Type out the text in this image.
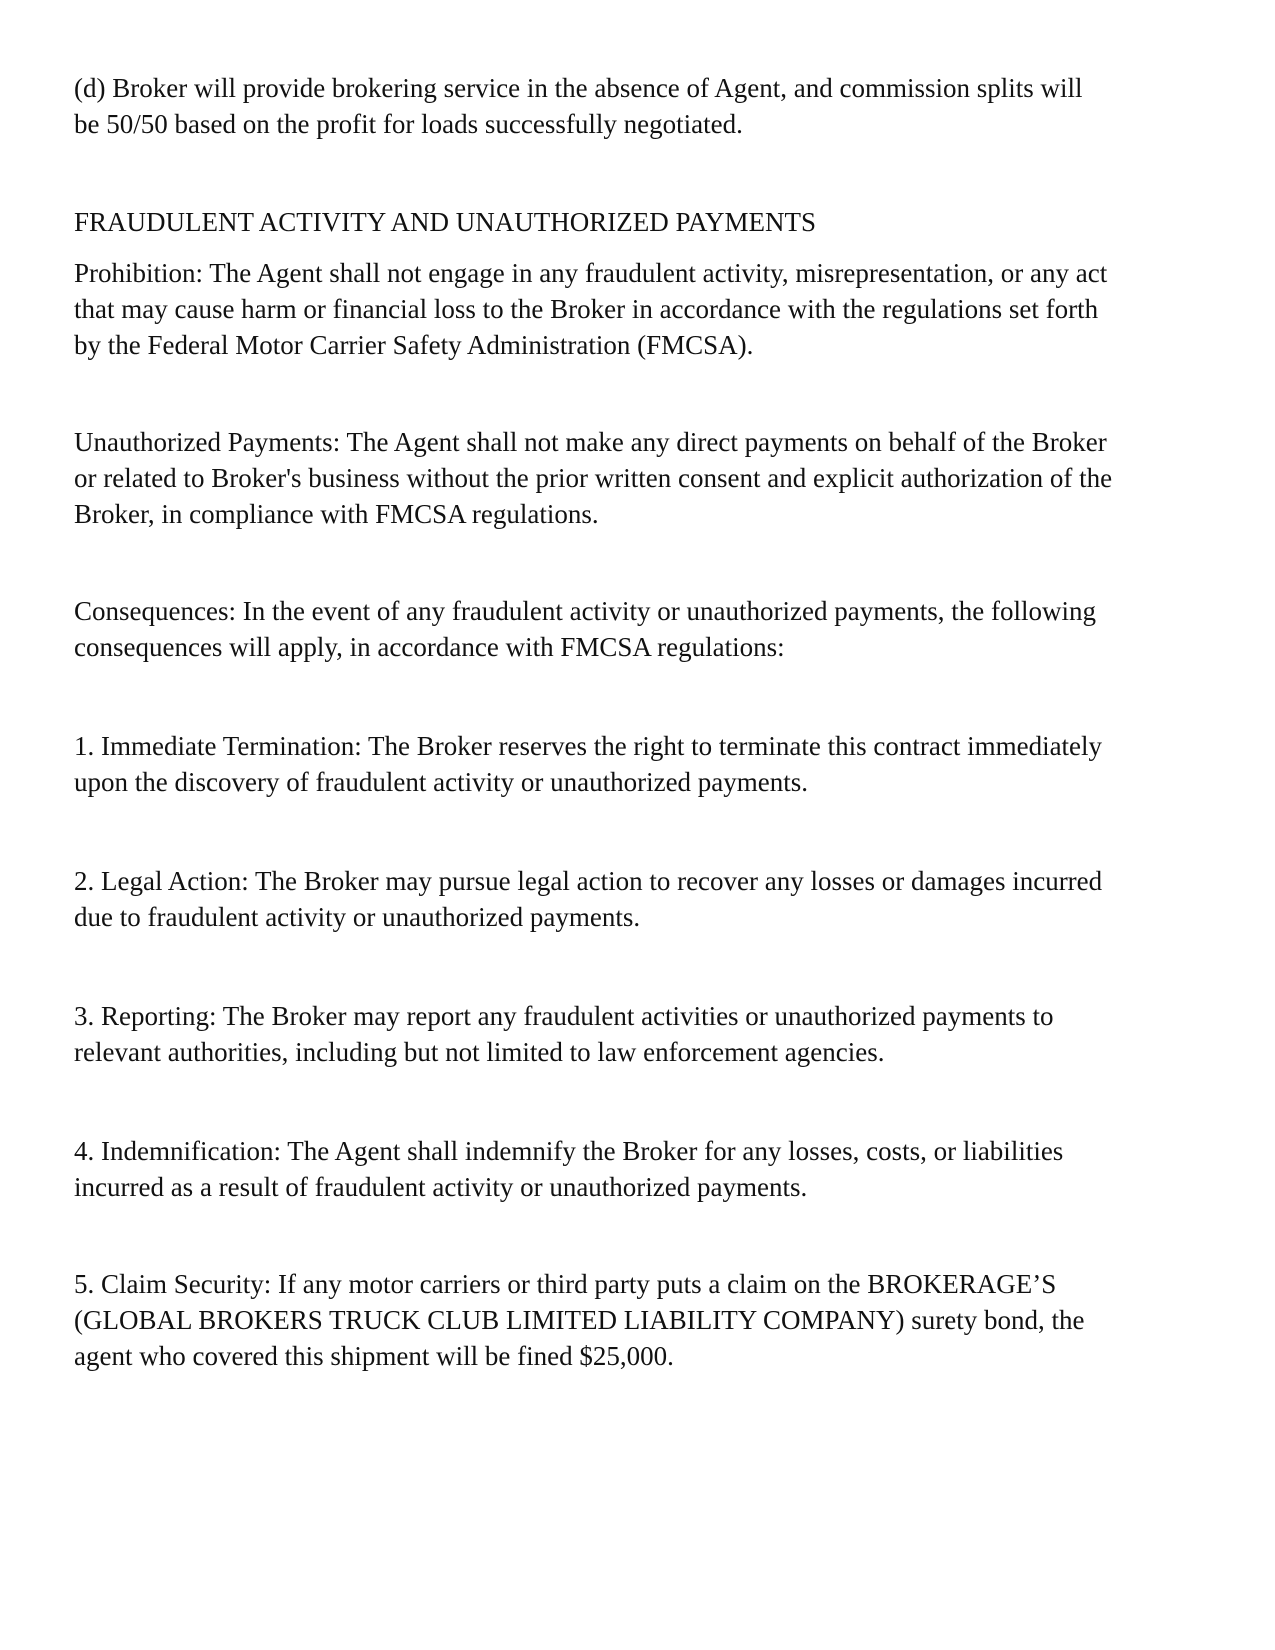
(d) Broker will provide brokering service in the absence of Agent, and commission splits will
be 50/50 based on the profit for loads successfully negotiated.

FRAUDULENT ACTIVITY AND UNAUTHORIZED PAYMENTS

Prohibition: The Agent shall not engage in any fraudulent activity, misrepresentation, or any act
that may cause harm or financial loss to the Broker in accordance with the regulations set forth
by the Federal Motor Carrier Safety Administration (FMCSA).

Unauthorized Payments: The Agent shall not make any direct payments on behalf of the Broker
or related to Broker's business without the prior written consent and explicit authorization of the
Broker, in compliance with FMCSA regulations.

Consequences: In the event of any fraudulent activity or unauthorized payments, the following
consequences will apply, in accordance with FMCSA regulations:

1. Immediate Termination: The Broker reserves the right to terminate this contract immediately
upon the discovery of fraudulent activity or unauthorized payments.

2. Legal Action: The Broker may pursue legal action to recover any losses or damages incurred
due to fraudulent activity or unauthorized payments.

3. Reporting: The Broker may report any fraudulent activities or unauthorized payments to
relevant authorities, including but not limited to law enforcement agencies.

4. Indemnification: The Agent shall indemnify the Broker for any losses, costs, or liabilities
incurred as a result of fraudulent activity or unauthorized payments.

5. Claim Security: If any motor carriers or third party puts a claim on the BROKERAGE’S
(GLOBAL BROKERS TRUCK CLUB LIMITED LIABILITY COMPANY) surety bond, the
agent who covered this shipment will be fined $25,000.
